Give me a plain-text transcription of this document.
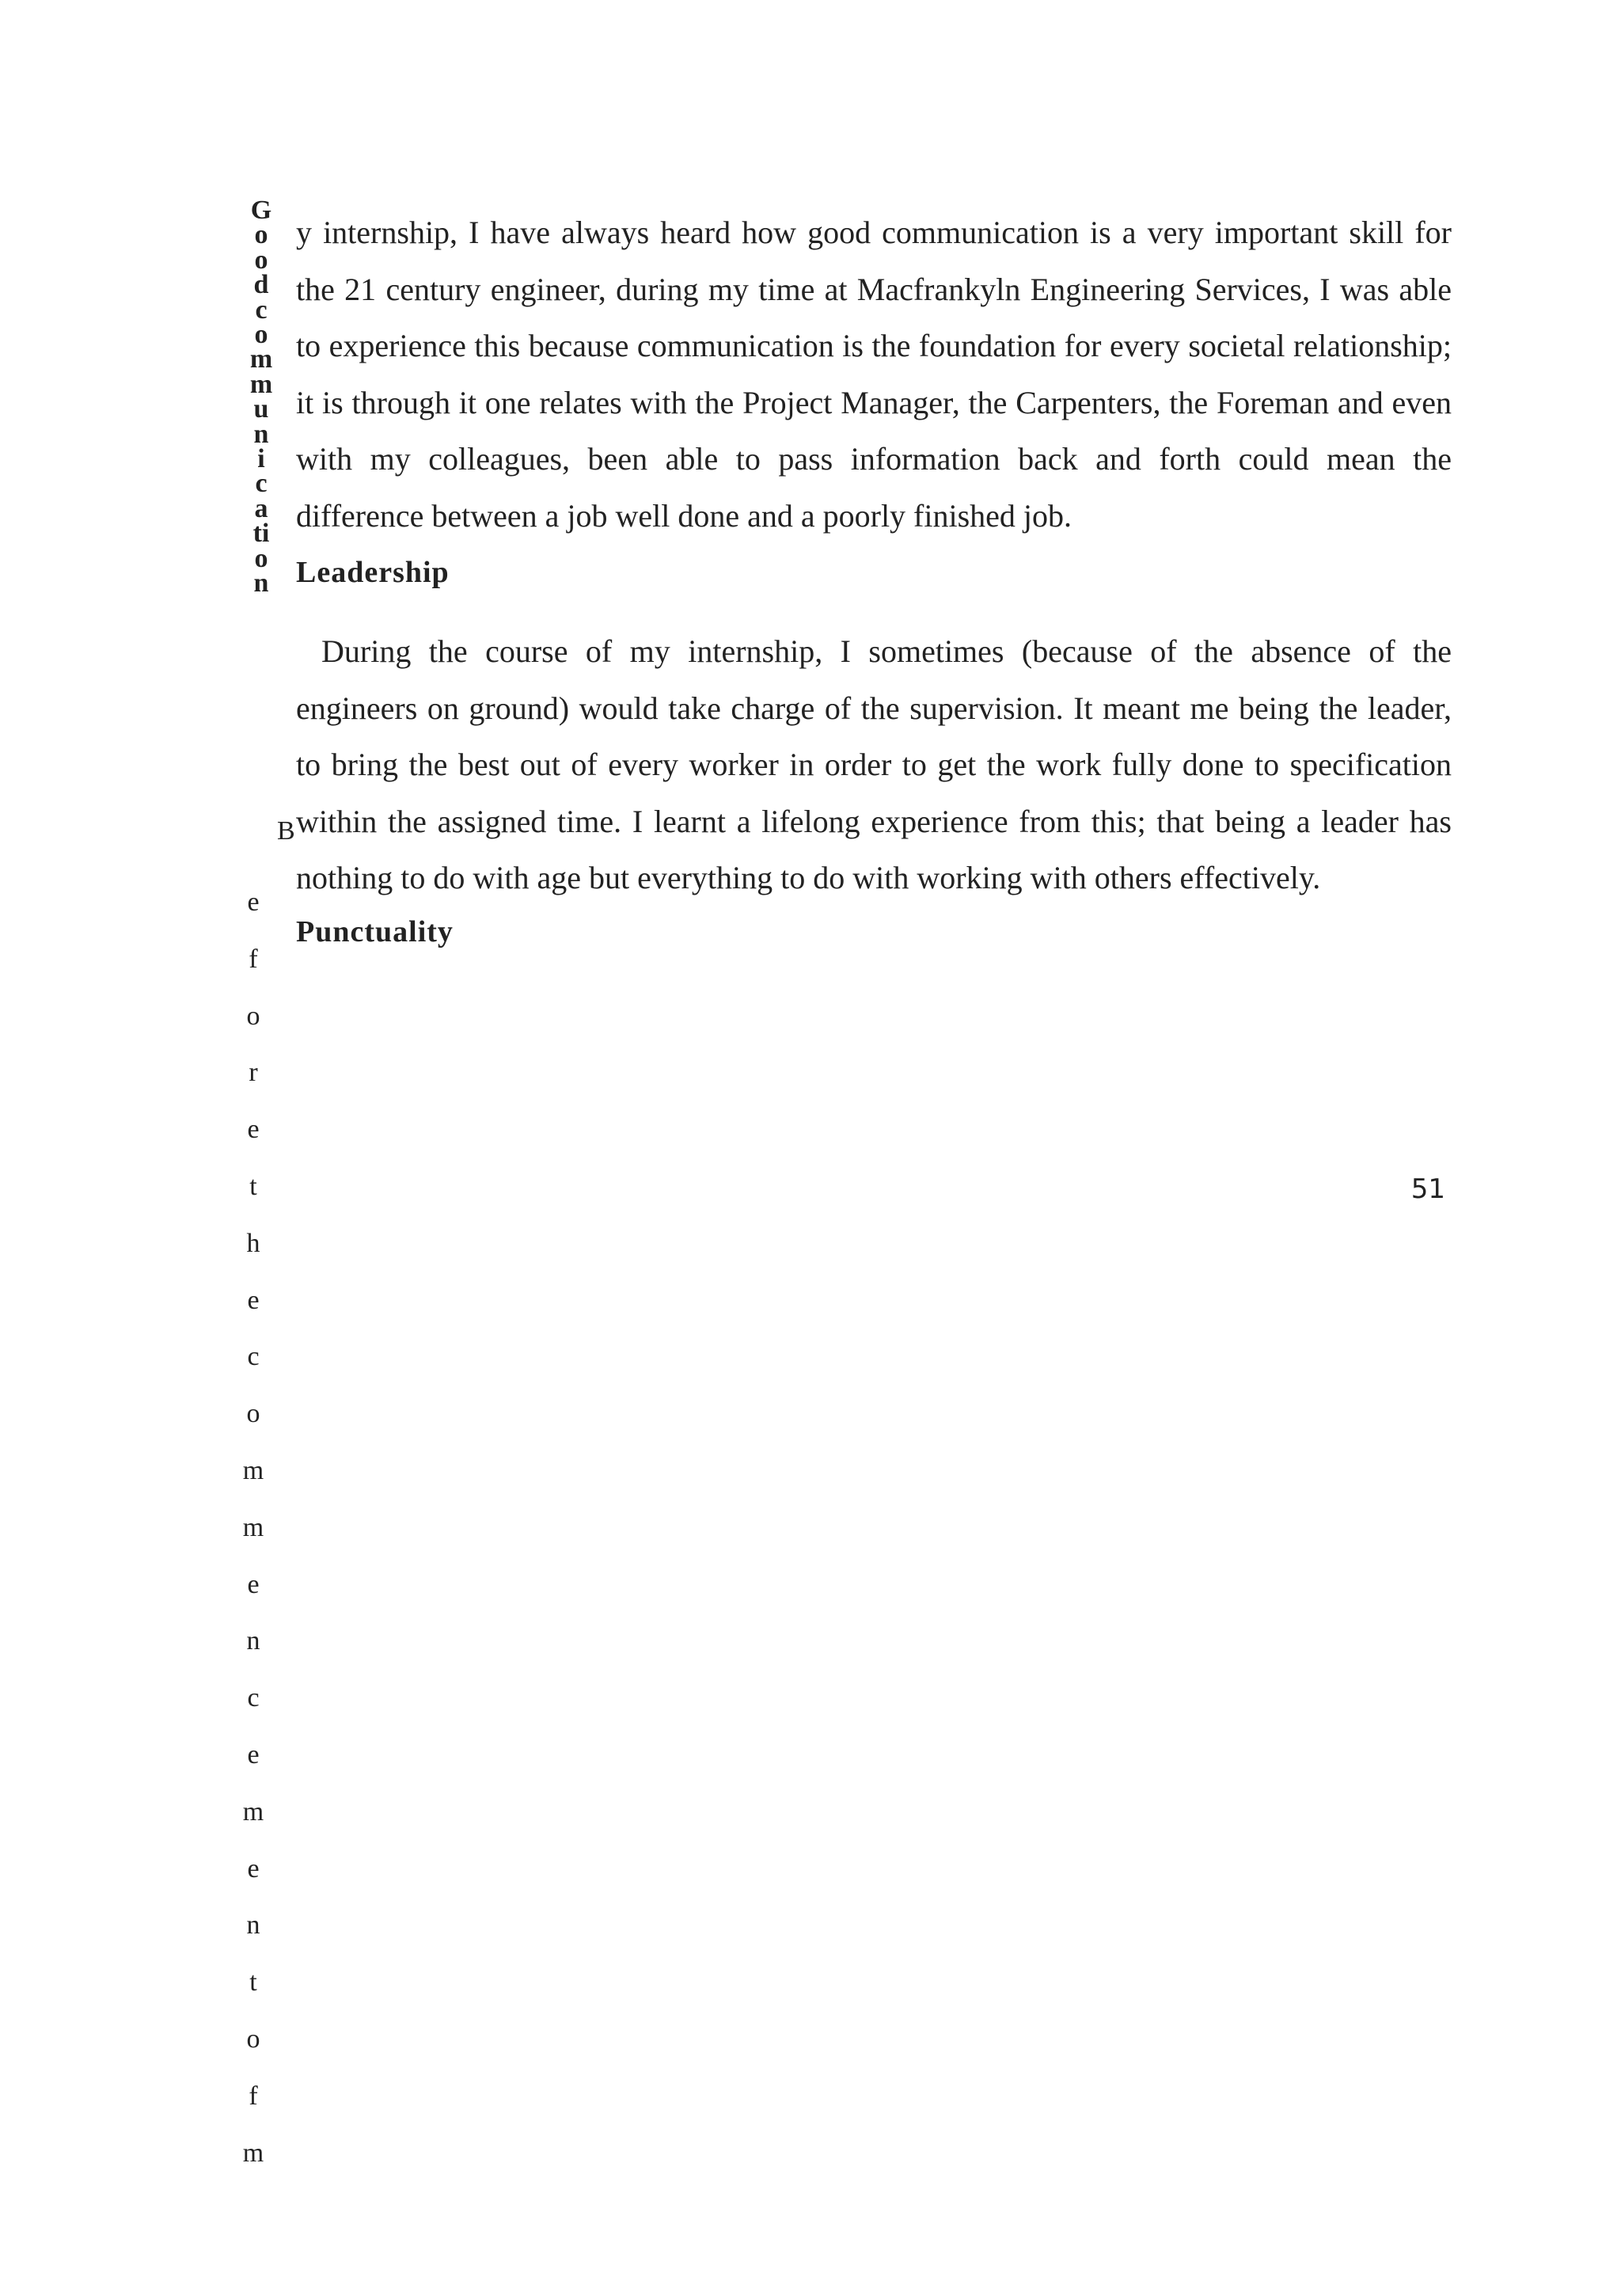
G
o
o
d
c
o
m
m
u
n
i
c
a
ti
o
n
B
e
f
o
r
e
t
h
e
c
o
m
m
e
n
c
e
m
e
n
t
o
f
m

y internship, I have always heard how good communication is a very important skill for the 21 century engineer, during my time at Macfrankyln Engineering Services, I was able to experience this because communication is the foundation for every societal relationship; it is through it one relates with the Project Manager, the Carpenters, the Foreman and even with my colleagues, been able to pass information back and forth could mean the difference between a job well done and a poorly finished job.

Leadership

During the course of my internship, I sometimes (because of the absence of the engineers on ground) would take charge of the supervision. It meant me being the leader, to bring the best out of every worker in order to get the work fully done to specification within the assigned time. I learnt a lifelong experience from this; that being a leader has nothing to do with age but everything to do with working with others effectively.

Punctuality
51
